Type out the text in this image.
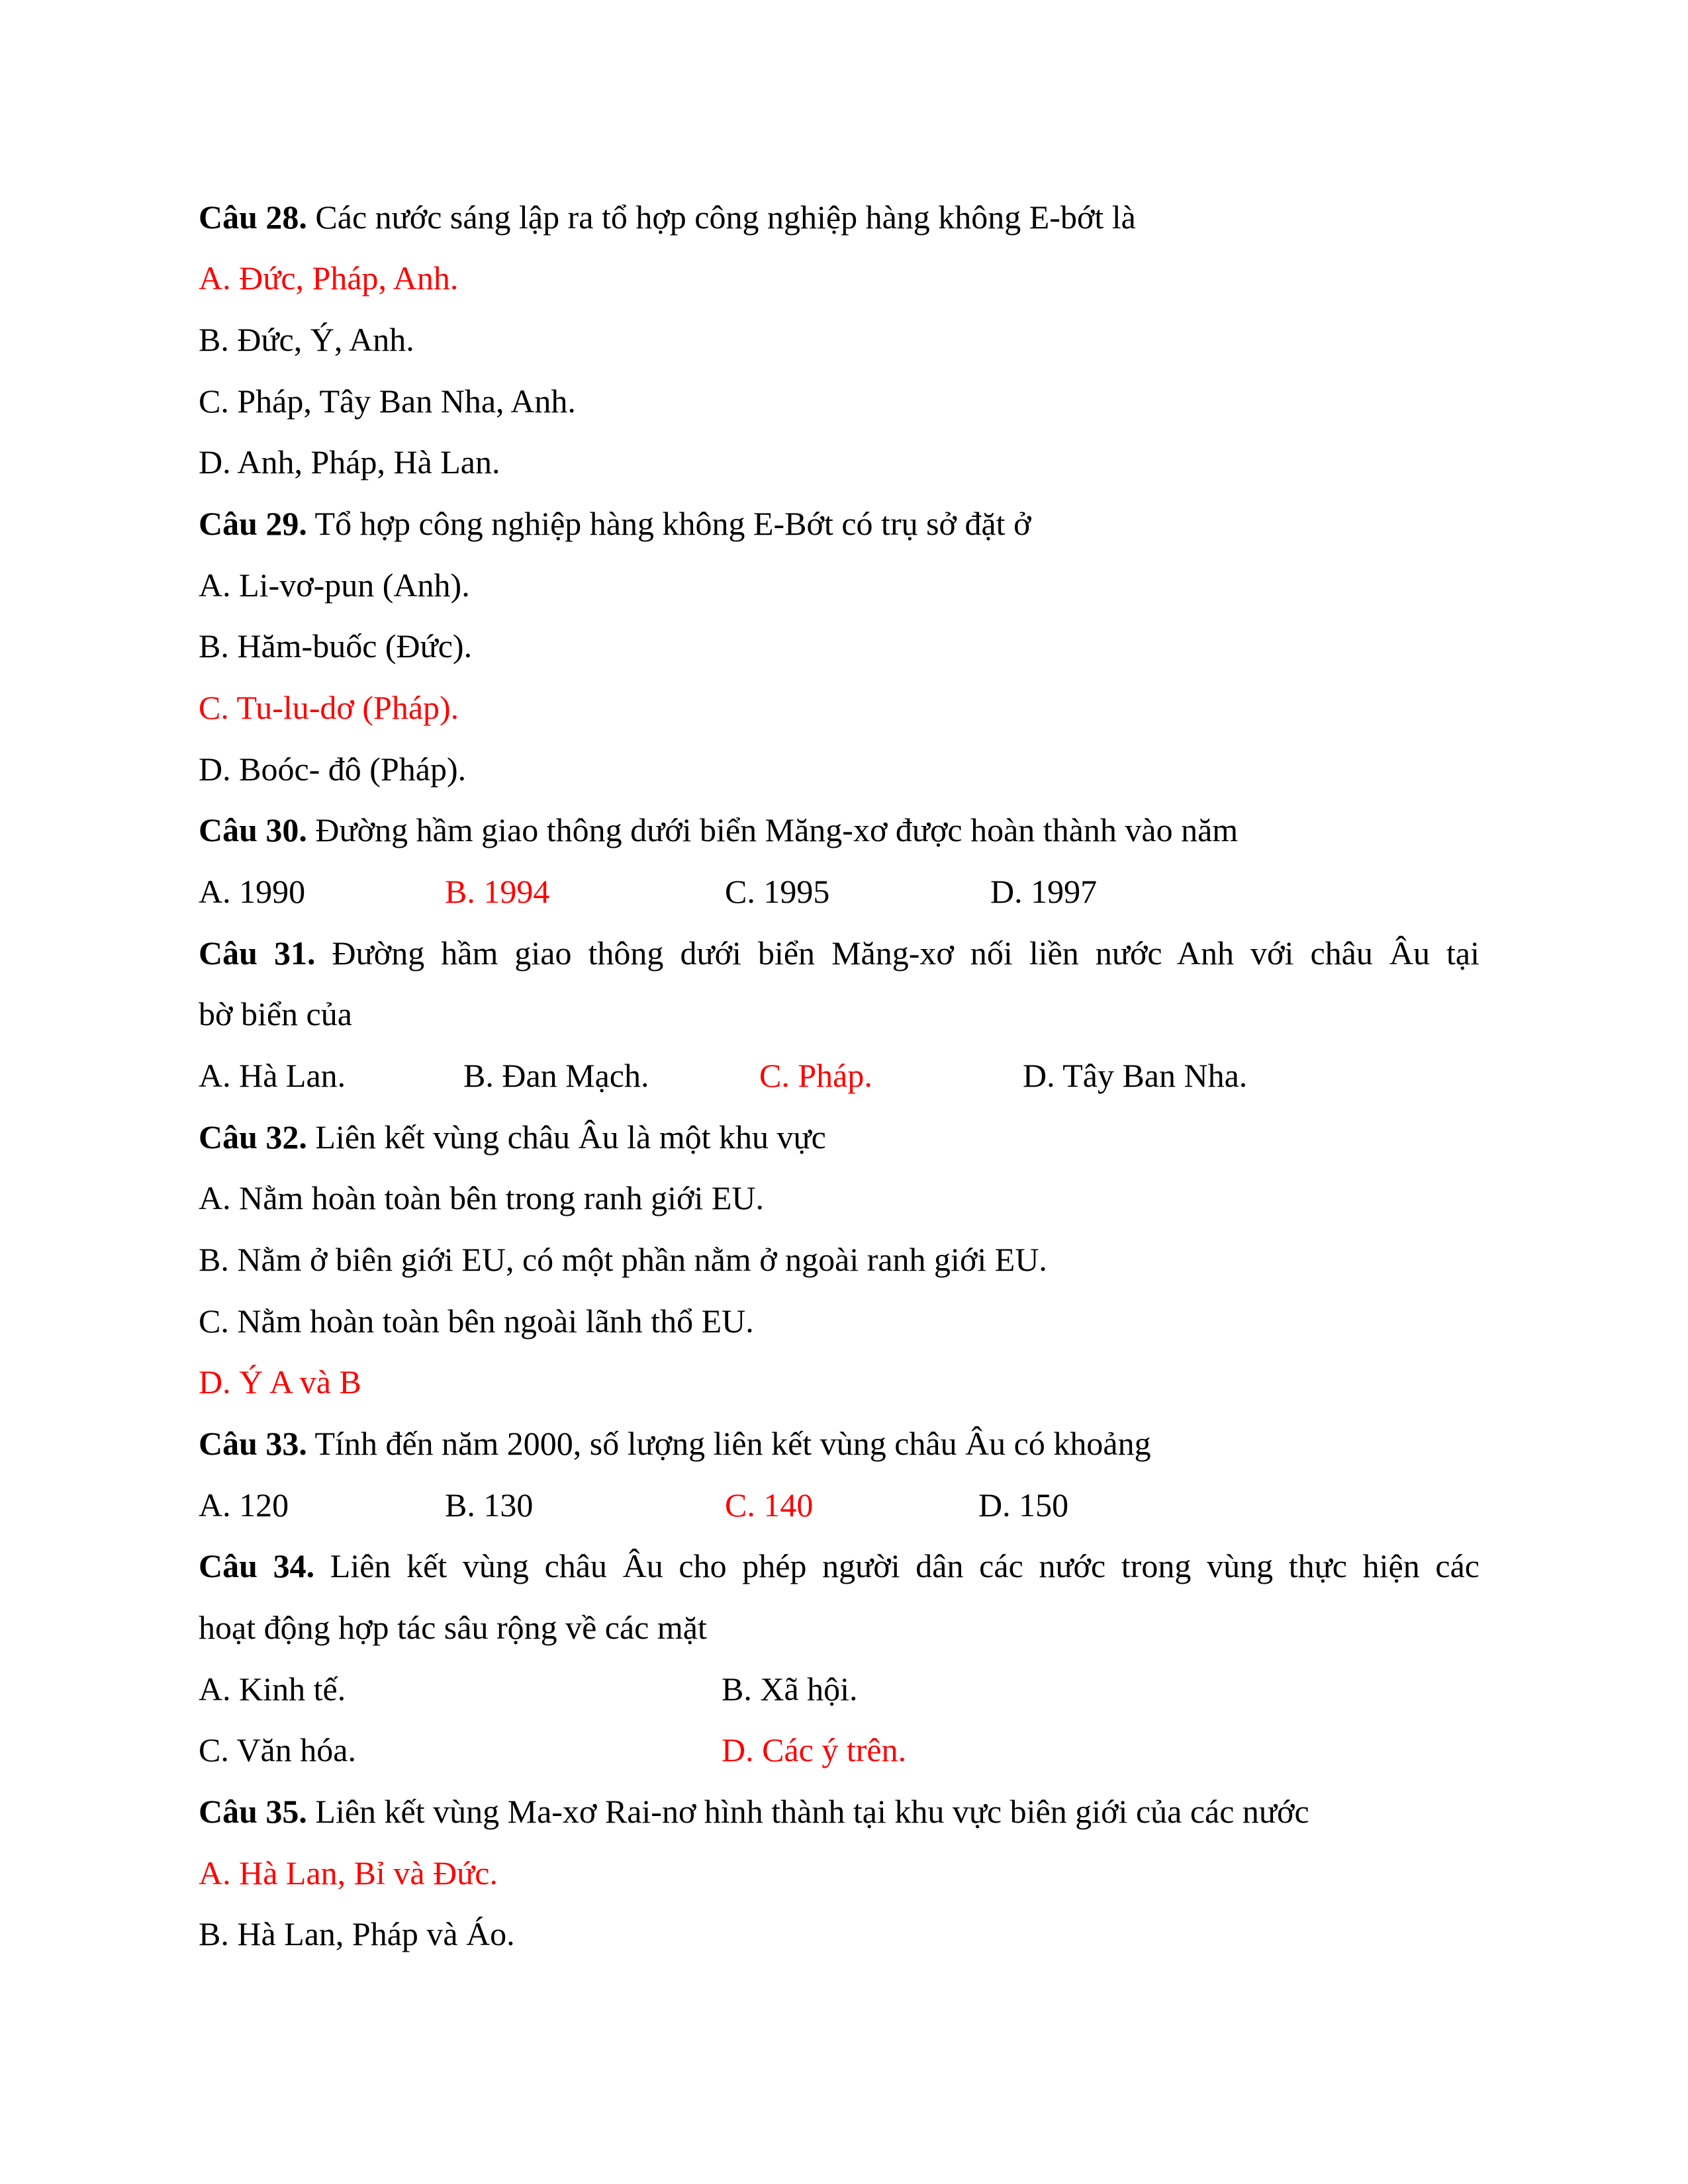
Câu 28. Các nước sáng lập ra tổ hợp công nghiệp hàng không E-bớt là
A. Đức, Pháp, Anh.
B. Đức, Ý, Anh.
C. Pháp, Tây Ban Nha, Anh.
D. Anh, Pháp, Hà Lan.
Câu 29. Tổ hợp công nghiệp hàng không E-Bớt có trụ sở đặt ở
A. Li-vơ-pun (Anh).
B. Hăm-buốc (Đức).
C. Tu-lu-dơ (Pháp).
D. Boóc- đô (Pháp).
Câu 30. Đường hầm giao thông dưới biển Măng-xơ được hoàn thành vào năm
A. 1990	B. 1994	C. 1995	D. 1997
Câu 31. Đường hầm giao thông dưới biển Măng-xơ nối liền nước Anh với châu Âu tại
bờ biển của
A. Hà Lan.	B. Đan Mạch.	C. Pháp.	D. Tây Ban Nha.
Câu 32. Liên kết vùng châu Âu là một khu vực
A. Nằm hoàn toàn bên trong ranh giới EU.
B. Nằm ở biên giới EU, có một phần nằm ở ngoài ranh giới EU.
C. Nằm hoàn toàn bên ngoài lãnh thổ EU.
D. Ý A và B
Câu 33. Tính đến năm 2000, số lượng liên kết vùng châu Âu có khoảng
A. 120	B. 130	C. 140	D. 150
Câu 34. Liên kết vùng châu Âu cho phép người dân các nước trong vùng thực hiện các
hoạt động hợp tác sâu rộng về các mặt
A. Kinh tế.	B. Xã hội.
C. Văn hóa.	D. Các ý trên.
Câu 35. Liên kết vùng Ma-xơ Rai-nơ hình thành tại khu vực biên giới của các nước
A. Hà Lan, Bỉ và Đức.
B. Hà Lan, Pháp và Áo.
